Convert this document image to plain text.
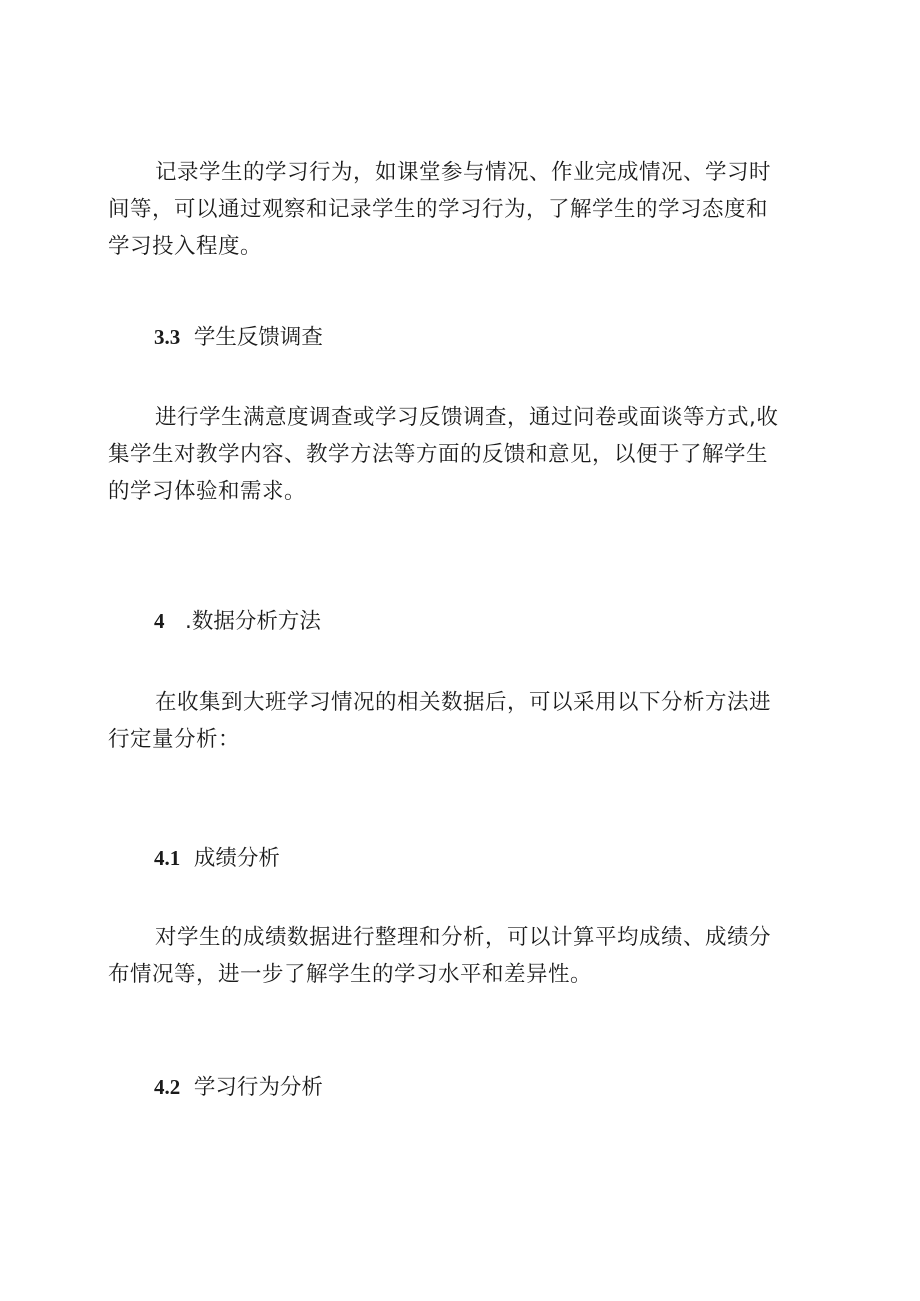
记录学生的学习行为，如课堂参与情况、作业完成情况、学习时
间等，可以通过观察和记录学生的学习行为，了解学生的学习态度和
学习投入程度。
3.3 学生反馈调查
进行学生满意度调查或学习反馈调查，通过问卷或面谈等方式,收
集学生对教学内容、教学方法等方面的反馈和意见，以便于了解学生
的学习体验和需求。
4 .数据分析方法
在收集到大班学习情况的相关数据后，可以采用以下分析方法进
行定量分析：
4.1 成绩分析
对学生的成绩数据进行整理和分析，可以计算平均成绩、成绩分
布情况等，进一步了解学生的学习水平和差异性。
4.2 学习行为分析
